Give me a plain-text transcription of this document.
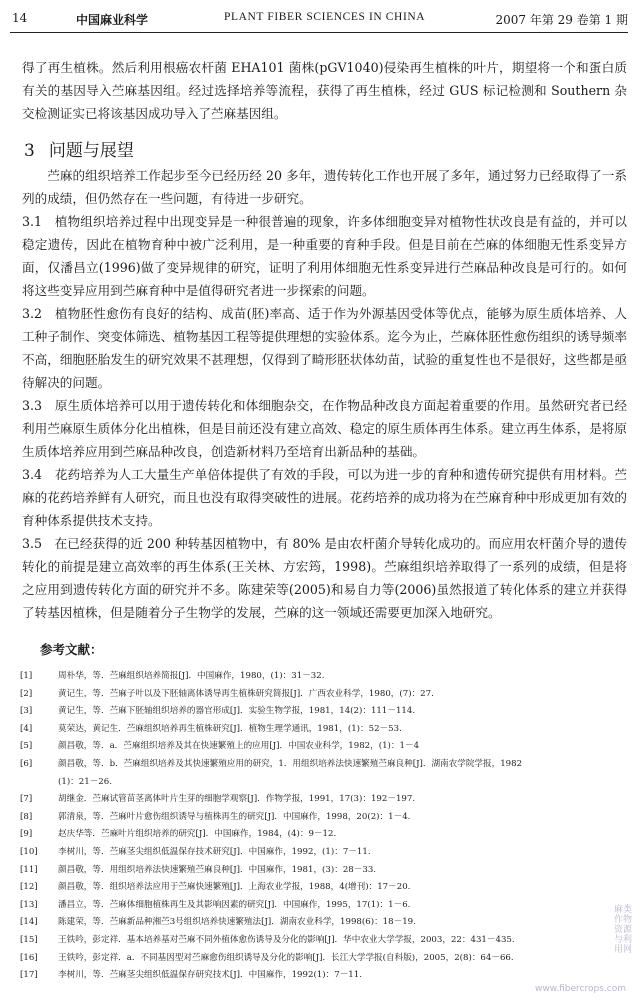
14	中国麻业科学	PLANT FIBER SCIENCES IN CHINA	2007 年第 29 卷第 1 期

得了再生植株。然后利用根癌农杆菌 EHA101 菌株(pGV1040)侵染再生植株的叶片，期望将一个和蛋白质有关的基因导入苎麻基因组。经过选择培养等流程，获得了再生植株，经过 GUS 标记检测和 Southern 杂交检测证实已将该基因成功导入了苎麻基因组。

3 问题与展望

苎麻的组织培养工作起步至今已经历经 20 多年，遗传转化工作也开展了多年，通过努力已经取得了一系列的成绩，但仍然存在一些问题，有待进一步研究。

3.1　植物组织培养过程中出现变异是一种很普遍的现象，许多体细胞变异对植物性状改良是有益的，并可以稳定遗传，因此在植物育种中被广泛利用，是一种重要的育种手段。但是目前在苎麻的体细胞无性系变异方面，仅潘昌立(1996)做了变异规律的研究，证明了利用体细胞无性系变异进行苎麻品种改良是可行的。如何将这些变异应用到苎麻育种中是值得研究者进一步探索的问题。

3.2　植物胚性愈伤有良好的结构、成苗(胚)率高、适于作为外源基因受体等优点，能够为原生质体培养、人工种子制作、突变体筛选、植物基因工程等提供理想的实验体系。迄今为止，苎麻体胚性愈伤组织的诱导频率不高，细胞胚胎发生的研究效果不甚理想，仅得到了畸形胚状体幼苗，试验的重复性也不是很好，这些都是亟待解决的问题。

3.3　原生质体培养可以用于遗传转化和体细胞杂交，在作物品种改良方面起着重要的作用。虽然研究者已经利用苎麻原生质体分化出植株，但是目前还没有建立高效、稳定的原生质体再生体系。建立再生体系，是将原生质体培养应用到苎麻品种改良，创造新材料乃至培育出新品种的基础。

3.4　花药培养为人工大量生产单倍体提供了有效的手段，可以为进一步的育种和遗传研究提供有用材料。苎麻的花药培养鲜有人研究，而且也没有取得突破性的进展。花药培养的成功将为在苎麻育种中形成更加有效的育种体系提供技术支持。

3.5　在已经获得的近 200 种转基因植物中，有 80% 是由农杆菌介导转化成功的。而应用农杆菌介导的遗传转化的前提是建立高效率的再生体系(王关林、方宏筠，1998)。苎麻组织培养取得了一系列的成绩，但是将之应用到遗传转化方面的研究并不多。陈建荣等(2005)和易自力等(2006)虽然报道了转化体系的建立并获得了转基因植株，但是随着分子生物学的发展，苎麻的这一领域还需要更加深入地研究。

参考文献：
[1]	周朴华，等．苎麻组织培养简报[J]．中国麻作，1980，(1)：31－32.
[2]	黄记生，等．苎麻子叶以及下胚轴离体诱导再生植株研究简报[J]．广西农业科学，1980，(7)：27.
[3]	黄记生，等．苎麻下胚轴组织培养的器官形成[J]．实验生物学报，1981，14(2)：111－114.
[4]	莫荣达，黄记生．苎麻组织培养再生植株研究[J]．植物生理学通讯，1981，(1)：52－53.
[5]	颜昌敬，等．a．苎麻组织培养及其在快速繁殖上的应用[J]．中国农业科学，1982，(1)：1－4
[6]	颜昌敬，等．b．苎麻组织培养及其快速繁殖应用的研究，1．用组织培养法快速繁殖苎麻良种[J]．湖南农学院学报，1982
(1)：21－26.
[7]	胡继金．苎麻试管苗茎离体叶片生芽的细胞学观察[J]．作物学报，1991，17(3)：192－197.
[8]	郭清泉，等．苎麻叶片愈伤组织诱导与植株再生的研究[J]．中国麻作，1998，20(2)：1－4.
[9]	赵庆华等．苎麻叶片组织培养的研究[J]．中国麻作，1984，(4)：9－12.
[10]	李树川，等．苎麻茎尖组织低温保存技术研究[J]．中国麻作，1992，(1)：7－11.
[11]	颜昌敬，等．用组织培养法快速繁殖苎麻良种[J]．中国麻作，1981，(3)：28－33.
[12]	颜昌敬，等．组织培养法应用于苎麻快速繁殖[J]．上海农业学报，1988，4(增刊)：17－20.
[13]	潘昌立，等．苎麻体细胞植株再生及其影响因素的研究[J]．中国麻作，1995，17(1)：1－6.
[14]	陈建荣，等．苎麻新品种湘苎3号组织培养快速繁殖法[J]．湖南农业科学，1998(6)：18－19.
[15]	王铁吟，彭定祥．基本培养基对苎麻不同外植体愈伤诱导及分化的影响[J]．华中农业大学学报，2003，22：431－435.
[16]	王铁吟，彭定祥．a．不同基因型对苎麻愈伤组织诱导及分化的影响[J]．长江大学学报(自科版)，2005，2(8)：64－66.
[17]	李树川，等．苎麻茎尖组织低温保存研究技术[J]．中国麻作，1992(1)：7－11.
麻类作物资源与利用网
www.fibercrops.com
